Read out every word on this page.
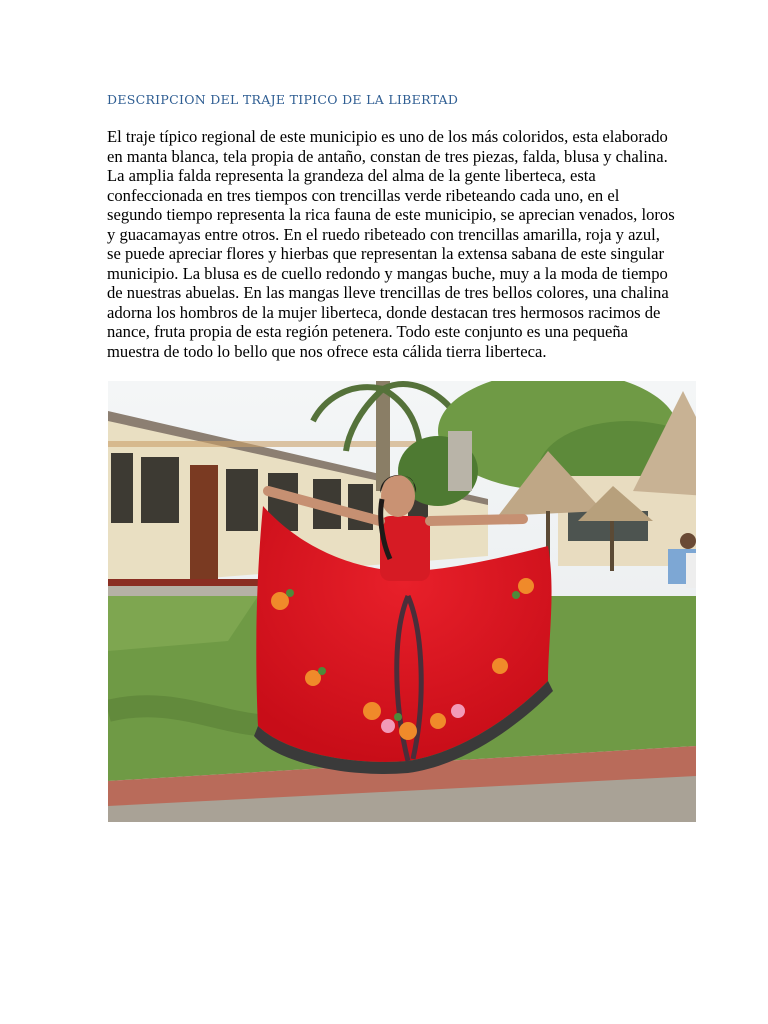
DESCRIPCION DEL TRAJE TIPICO DE LA LIBERTAD

El traje típico regional de este municipio es uno de los más coloridos, esta elaborado en manta blanca, tela propia de antaño, constan de tres piezas, falda, blusa y chalina. La amplia falda representa la grandeza del alma de la gente liberteca, esta confeccionada en tres tiempos con trencillas verde ribeteando cada uno, en el segundo tiempo representa la rica fauna de este municipio, se aprecian venados, loros y guacamayas entre otros. En el ruedo ribeteado con trencillas amarilla, roja y azul, se puede apreciar flores y hierbas que representan la extensa sabana de este singular municipio. La blusa es de cuello redondo y mangas buche, muy a la moda de tiempo de nuestras abuelas. En las mangas lleve trencillas de tres bellos colores, una chalina adorna los hombros de la mujer liberteca, donde destacan tres hermosos racimos de nance, fruta propia de esta región petenera. Todo este conjunto es una pequeña muestra de todo lo bello que nos ofrece esta cálida tierra liberteca.
